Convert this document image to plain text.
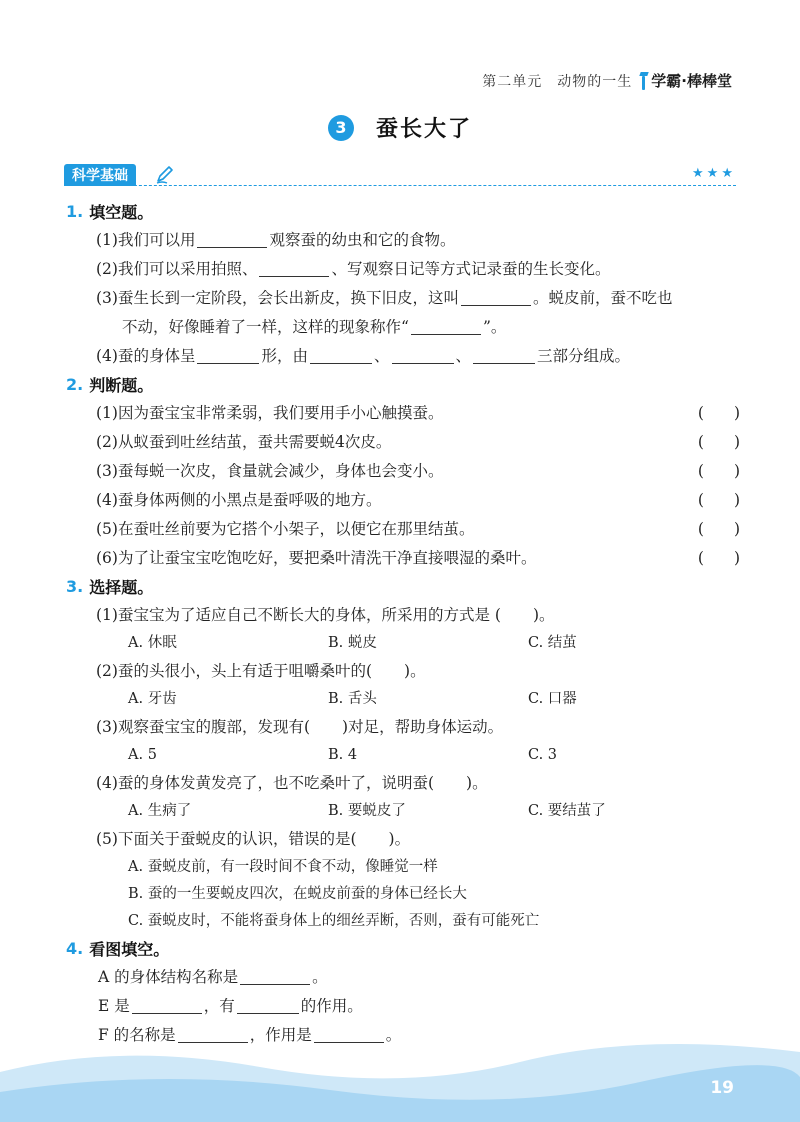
第二单元　动物的一生 学霸·棒棒堂
3	蚕长大了
科学基础	★★★
1. 填空题。
(1)我们可以用	观察蚕的幼虫和它的食物。
(2)我们可以采用拍照、	、写观察日记等方式记录蚕的生长变化。
(3)蚕生长到一定阶段，会长出新皮，换下旧皮，这叫	。蜕皮前，蚕不吃也
不动，好像睡着了一样，这样的现象称作“	”。
(4)蚕的身体呈	形，由	、	、	三部分组成。
2. 判断题。
(1)因为蚕宝宝非常柔弱，我们要用手小心触摸蚕。	( )
(2)从蚁蚕到吐丝结茧，蚕共需要蜕4次皮。	( )
(3)蚕每蜕一次皮，食量就会减少，身体也会变小。	( )
(4)蚕身体两侧的小黑点是蚕呼吸的地方。	( )
(5)在蚕吐丝前要为它搭个小架子，以便它在那里结茧。	( )
(6)为了让蚕宝宝吃饱吃好，要把桑叶清洗干净直接喂湿的桑叶。	( )
3. 选择题。
(1)蚕宝宝为了适应自己不断长大的身体，所采用的方式是 ( )。
A. 休眠	B. 蜕皮	C. 结茧
(2)蚕的头很小，头上有适于咀嚼桑叶的( )。
A. 牙齿	B. 舌头	C. 口器
(3)观察蚕宝宝的腹部，发现有( )对足，帮助身体运动。
A. 5	B. 4	C. 3
(4)蚕的身体发黄发亮了，也不吃桑叶了，说明蚕( )。
A. 生病了	B. 要蜕皮了	C. 要结茧了
(5)下面关于蚕蜕皮的认识，错误的是( )。
A. 蚕蜕皮前，有一段时间不食不动，像睡觉一样
B. 蚕的一生要蜕皮四次，在蜕皮前蚕的身体已经长大
C. 蚕蜕皮时，不能将蚕身体上的细丝弄断，否则，蚕有可能死亡
4. 看图填空。
A 的身体结构名称是	。
E 是	，有	的作用。
F 的名称是	，作用是	。
19
